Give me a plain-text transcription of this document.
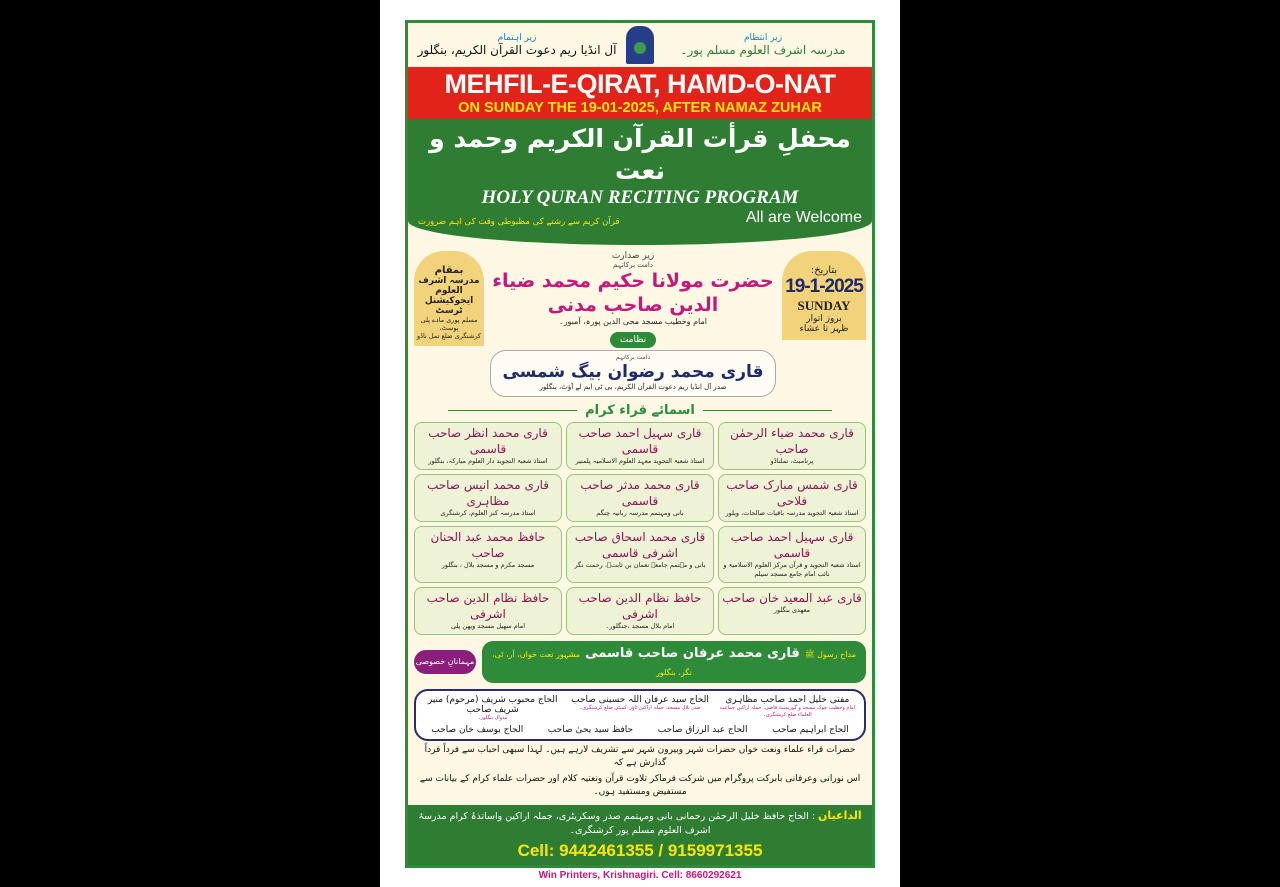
زیر اہتمام
آل انڈیا ریم دعوت القرآن الکریم، بنگلور
زیر انتظام
مدرسہ اشرف العلوم مسلم پور۔
MEHFIL-E-QIRAT, HAMD-O-NAT
ON SUNDAY THE 19-01-2025, AFTER NAMAZ ZUHAR
محفلِ قرأت القرآن الکریم وحمد و نعت
HOLY QURAN RECITING PROGRAM
قرآن کریم سے رشتے کی مظبوطی وقت کی اہم ضرورت	All are Welcome
بمقام
مدرسہ اشرف العلوم
ایجوکیشنل ٹرسٹ
مسلم پوری مادے پلی پوسٹ،
کرشنگری ضلع تمل ناڈو
زیر صدارت
دامت برکاتہم
حضرت مولانا حکیم محمد ضیاء الدین صاحب مدنی
امام وخطیب مسجد محی الدین پورہ، آمبور۔
نظامت
دامت برکاتہم
قاری محمد رضوان بیگ شمسی
صدر آل انڈیا ریم دعوت القرآن الکریم، بی ٹی ایم لے آؤٹ، بنگلور
بتاریخ:
19-1-2025
SUNDAY
بروز اتوار
ظہر تا عشاء
اسمائے قراء کرام
قاری محمد ضیاء الرحمٰن صاحب
پرنامبٹ، تملناڈو
قاری سہیل احمد صاحب قاسمی
استاذ شعبۃ التجوید معہد العلوم الاسلامیہ پلمنیر
قاری محمد انظر صاحب قاسمی
استاذ شعبۃ التجوید دار العلوم مبارکہ، بنگلور
قاری شمس مبارک صاحب فلاحی
استاذ شعبۃ التجوید مدرسہ باقیات صالحات، ویلور
قاری محمد مدثر صاحب قاسمی
بانی ومہتمم مدرسہ ربانیہ چنگم
قاری محمد انیس صاحب مظاہری
استاذ مدرسہ کنز العلوم، کرشنگری
قاری سہیل احمد صاحب قاسمی
استاذ شعبۃ التجوید و قرآن مرکز العلوم الاسلامیۃ و نائب امام جامع مسجد سیلم
قاری محمد اسحاق صاحب اشرفی قاسمی
بانی و مہتمم جامعہ نعمان بن ثابتؒ، رحمت نگر
حافظ محمد عبد الحنان صاحب
مسجد مکرم و مسجد بلال ، بنگلور
قاری عبد المعید خان صاحب
معھدی بنگلور
حافظ نظام الدین صاحب اشرفی
امام بلال مسجد ،جنگلور۔
حافظ نظام الدین صاحب اشرفی
امام سھیل مسجد ویھن پلی
مہمانانِ خصوصی
مداح رسول ﷺ قاری محمد عرفان صاحب قاسمی مشہور نعت خواں، آر، ٹی، نگر، بنگلور
مفتی خلیل احمد صاحب مظاہری
امام وخطیب چوک مسجد و گورنمنٹ قاضی، جملہ اراکین جماعت العلماء ضلع کرشنگری۔
الحاج سید عرفان اللہ حسینی صاحب
صدر بلال مسجد، جملہ اراکین ٹاؤن کمیٹی ضلع کرشنگری۔
الحاج محبوب شریف (مرحوم) منیر شریف صاحب
مدوال بنگلور۔
الحاج ابراہیم صاحب
الحاج عبد الرزاق صاحب
حافظ سید یحیٰ صاحب
الحاج یوسف خان صاحب
حضرات قراء علماء ونعت خواں حضرات شہر وبیرون شہر سے تشریف لارہے ہیں۔ لہذا سبھی احباب سے فرداً فرداً گذارش ہے کہ
اس نورانی وعرفانی بابرکت پروگرام میں شرکت فرماکر تلاوت قرآن ونعتیہ کلام اور حضرات علماء کرام کے بیانات سے مستفیض ومستفید ہوں۔
الداعیان : الحاج حافظ خلیل الرحمٰن رحمانی بانی ومہتمم صدر وسکریٹری، جملہ اراکین واساتذۂ کرام مدرسۂ اشرف العلوم مسلم پور کرشنگری۔
Cell: 9442461355 / 9159971355
Win Printers, Krishnagiri. Cell: 8660292621
